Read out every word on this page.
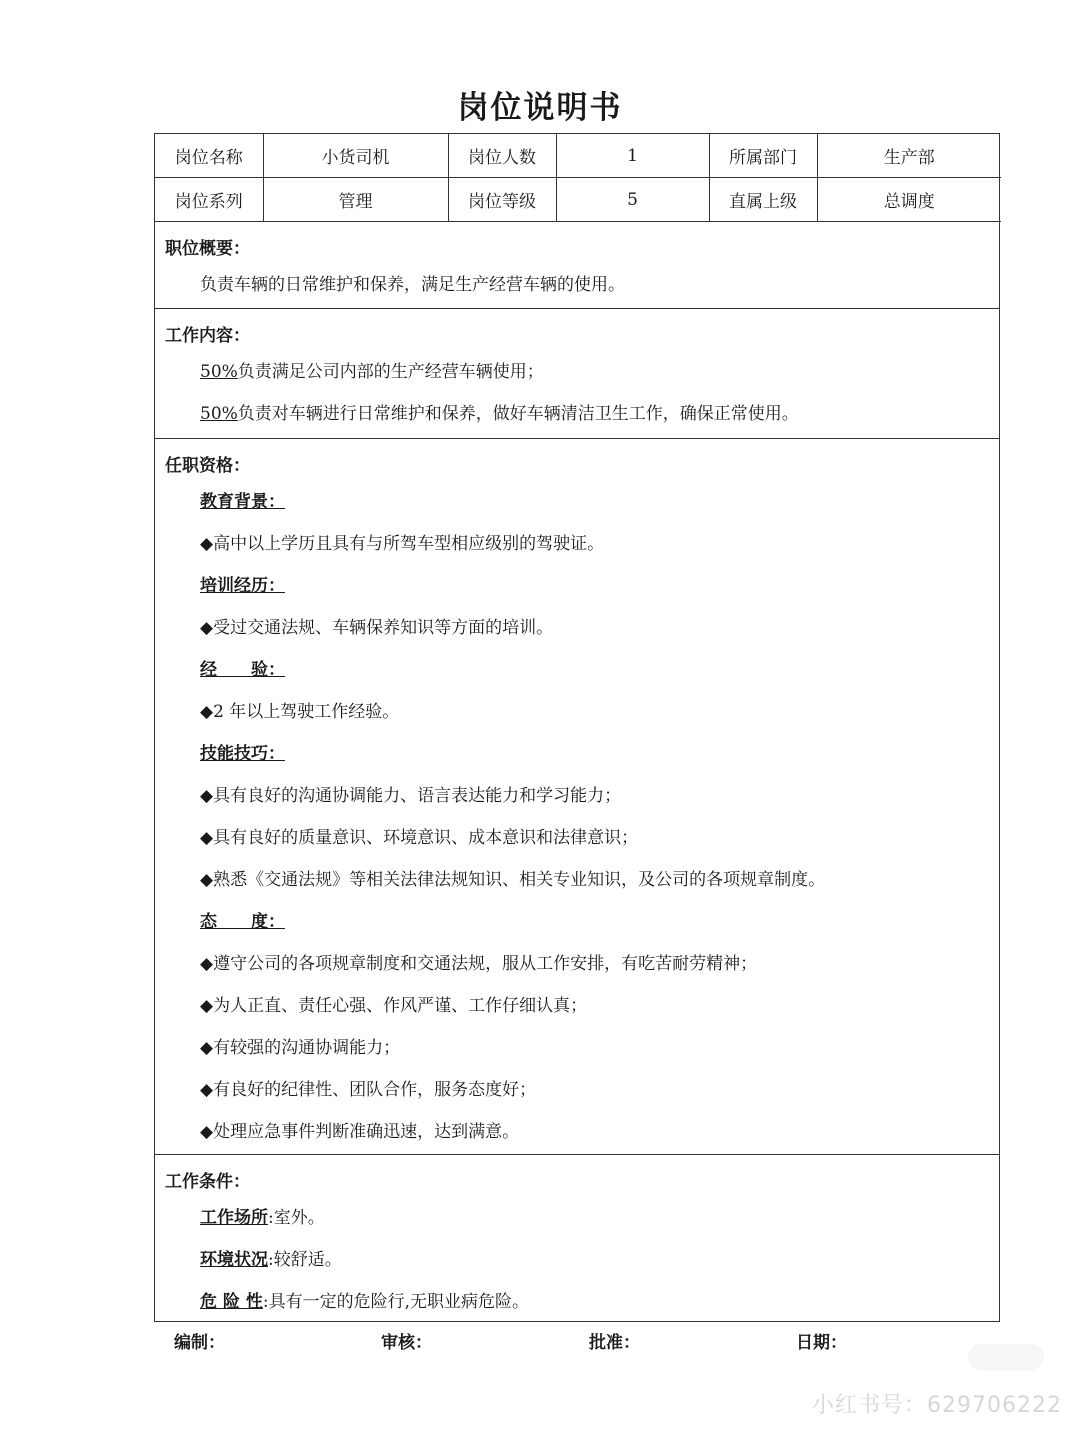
岗位说明书
岗位名称	小货司机	岗位人数	1	所属部门	生产部
岗位系列	管理	岗位等级	5	直属上级	总调度
职位概要：
负责车辆的日常维护和保养，满足生产经营车辆的使用。
工作内容：
50%负责满足公司内部的生产经营车辆使用；
50%负责对车辆进行日常维护和保养，做好车辆清洁卫生工作，确保正常使用。
任职资格：
教育背景：
◆高中以上学历且具有与所驾车型相应级别的驾驶证。
培训经历：
◆受过交通法规、车辆保养知识等方面的培训。
经　　验：
◆2 年以上驾驶工作经验。
技能技巧：
◆具有良好的沟通协调能力、语言表达能力和学习能力；
◆具有良好的质量意识、环境意识、成本意识和法律意识；
◆熟悉《交通法规》等相关法律法规知识、相关专业知识，及公司的各项规章制度。
态　　度：
◆遵守公司的各项规章制度和交通法规，服从工作安排，有吃苦耐劳精神；
◆为人正直、责任心强、作风严谨、工作仔细认真；
◆有较强的沟通协调能力；
◆有良好的纪律性、团队合作，服务态度好；
◆处理应急事件判断准确迅速，达到满意。
工作条件：
工作场所:室外。
环境状况:较舒适。
危 险 性:具有一定的危险行,无职业病危险。
编制：	审核：	批准：	日期：
小红书号：629706222
